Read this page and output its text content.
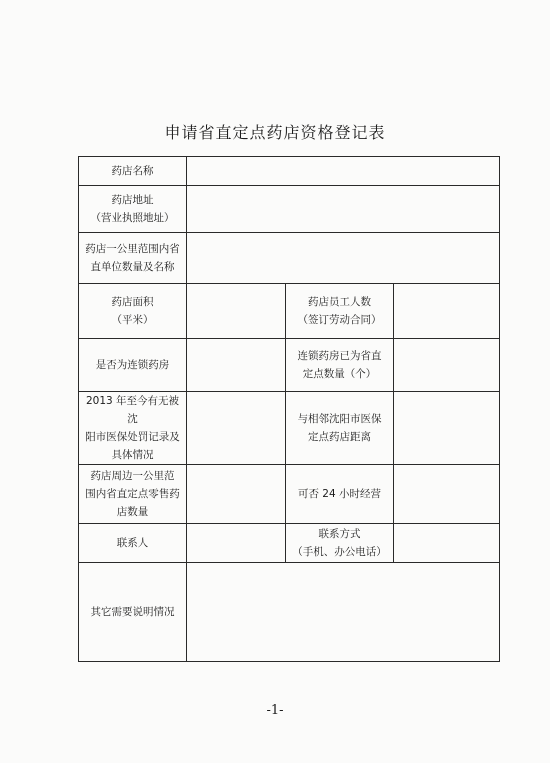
申请省直定点药店资格登记表
药店名称			

药店地址
（营业执照地址）			

药店一公里范围内省
直单位数量及名称			

药店面积
（平米）		药店员工人数
（签订劳动合同）	

是否为连锁药房		连锁药房已为省直
定点数量（个）	

2013 年至今有无被沈
阳市医保处罚记录及
具体情况		与相邻沈阳市医保
定点药店距离	

药店周边一公里范
围内省直定点零售药
店数量		可否 24 小时经营	
联系人		联系方式
（手机、办公电话）	

其它需要说明情况			
-1-
